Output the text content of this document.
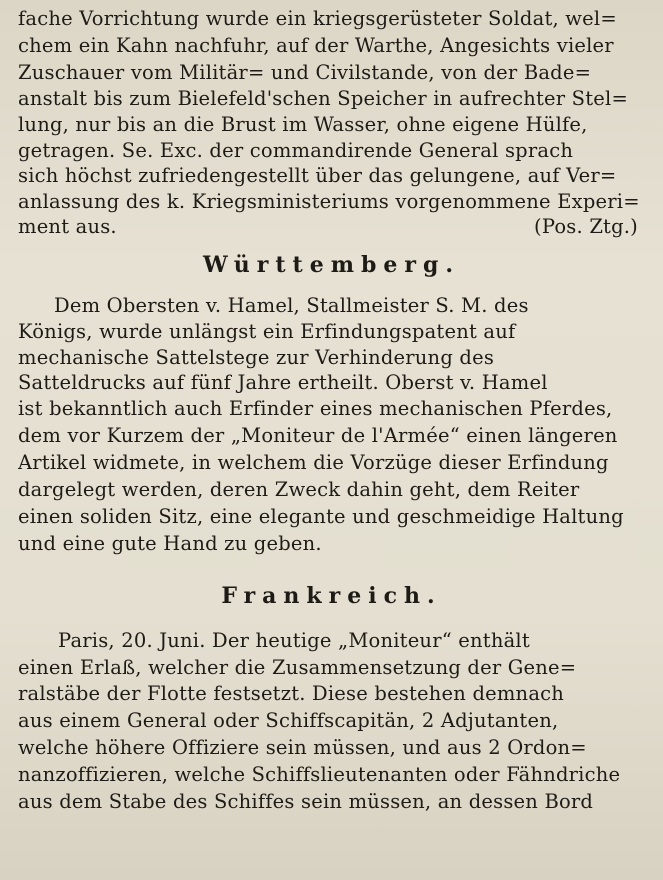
fache Vorrichtung wurde ein kriegsgerüsteter Soldat, wel=
chem ein Kahn nachfuhr, auf der Warthe, Angesichts vieler
Zuschauer vom Militär= und Civilstande, von der Bade=
anstalt bis zum Bielefeld'schen Speicher in aufrechter Stel=
lung, nur bis an die Brust im Wasser, ohne eigene Hülfe,
getragen. Se. Exc. der commandirende General sprach
sich höchst zufriedengestellt über das gelungene, auf Ver=
anlassung des k. Kriegsministeriums vorgenommene Experi=
ment aus.	(Pos. Ztg.)
Württemberg.
Dem Obersten v. Hamel, Stallmeister S. M. des
Königs, wurde unlängst ein Erfindungspatent auf
mechanische Sattelstege zur Verhinderung des
Satteldrucks auf fünf Jahre ertheilt. Oberst v. Hamel
ist bekanntlich auch Erfinder eines mechanischen Pferdes,
dem vor Kurzem der „Moniteur de l'Armée“ einen längeren
Artikel widmete, in welchem die Vorzüge dieser Erfindung
dargelegt werden, deren Zweck dahin geht, dem Reiter
einen soliden Sitz, eine elegante und geschmeidige Haltung
und eine gute Hand zu geben.
Frankreich.
Paris, 20. Juni. Der heutige „Moniteur“ enthält
einen Erlaß, welcher die Zusammensetzung der Gene=
ralstäbe der Flotte festsetzt. Diese bestehen demnach
aus einem General oder Schiffscapitän, 2 Adjutanten,
welche höhere Offiziere sein müssen, und aus 2 Ordon=
nanzoffizieren, welche Schiffslieutenanten oder Fähndriche
aus dem Stabe des Schiffes sein müssen, an dessen Bord
